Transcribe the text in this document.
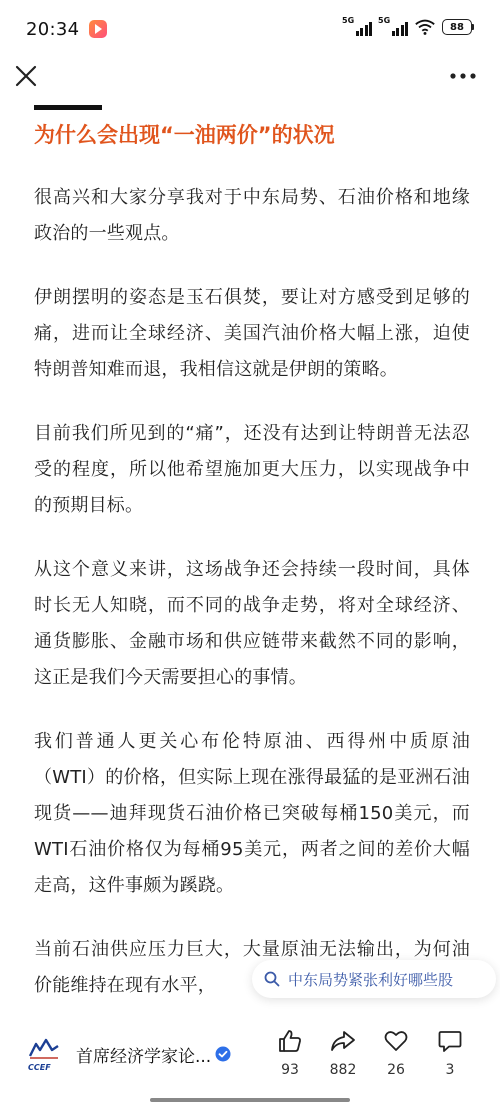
20:34	5G	5G
88
为什么会出现“一油两价”的状况

很高兴和大家分享我对于中东局势、石油价格和地缘政治的一些观点。

伊朗摆明的姿态是玉石俱焚，要让对方感受到足够的痛，进而让全球经济、美国汽油价格大幅上涨，迫使特朗普知难而退，我相信这就是伊朗的策略。

目前我们所见到的“痛”，还没有达到让特朗普无法忍受的程度，所以他希望施加更大压力，以实现战争中的预期目标。

从这个意义来讲，这场战争还会持续一段时间，具体时长无人知晓，而不同的战争走势，将对全球经济、通货膨胀、金融市场和供应链带来截然不同的影响，这正是我们今天需要担心的事情。

我们普通人更关心布伦特原油、西得州中质原油（WTI）的价格，但实际上现在涨得最猛的是亚洲石油现货——迪拜现货石油价格已突破每桶150美元，而WTI石油价格仅为每桶95美元，两者之间的差价大幅走高，这件事颇为蹊跷。

当前石油供应压力巨大，大量原油无法输出，为何油价能维持在现有水平，	中东局势紧张利好哪些股
CCEF
首席经济学家论...
93	882	26	3
